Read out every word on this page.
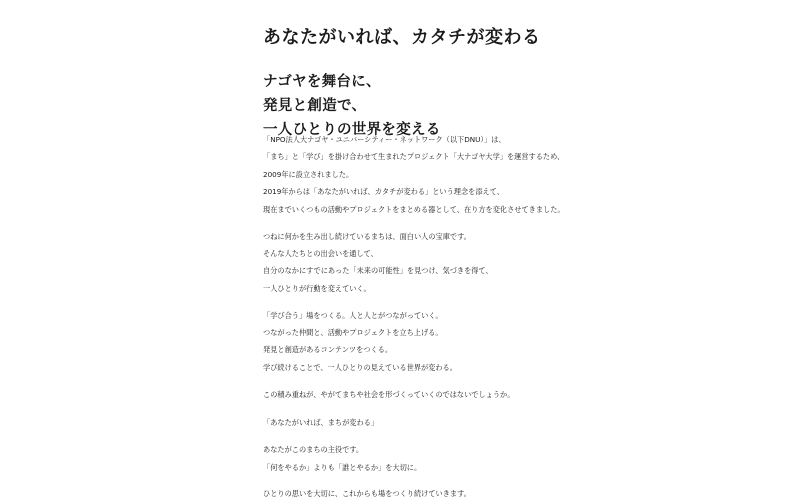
あなたがいれば、カタチが変わる
ナゴヤを舞台に、
発見と創造で、
一人ひとりの世界を変える

「NPO法人大ナゴヤ・ユニバーシティー・ネットワーク（以下DNU）」は、
「まち」と「学び」を掛け合わせて生まれたプロジェクト「大ナゴヤ大学」を運営するため、
2009年に設立されました。
2019年からは「あなたがいれば、カタチが変わる」という理念を添えて、
現在までいくつもの活動やプロジェクトをまとめる器として、在り方を変化させてきました。

つねに何かを生み出し続けているまちは、面白い人の宝庫です。
そんな人たちとの出会いを通して、
自分のなかにすでにあった「未来の可能性」を見つけ、気づきを得て、
一人ひとりが行動を変えていく。

「学び合う」場をつくる。人と人とがつながっていく。
つながった仲間と、活動やプロジェクトを立ち上げる。
発見と創造があるコンテンツをつくる。
学び続けることで、一人ひとりの見えている世界が変わる。

この積み重ねが、やがてまちや社会を形づくっていくのではないでしょうか。

「あなたがいれば、まちが変わる」

あなたがこのまちの主役です。
「何をやるか」よりも「誰とやるか」を大切に。

ひとりの思いを大切に、これからも場をつくり続けていきます。
